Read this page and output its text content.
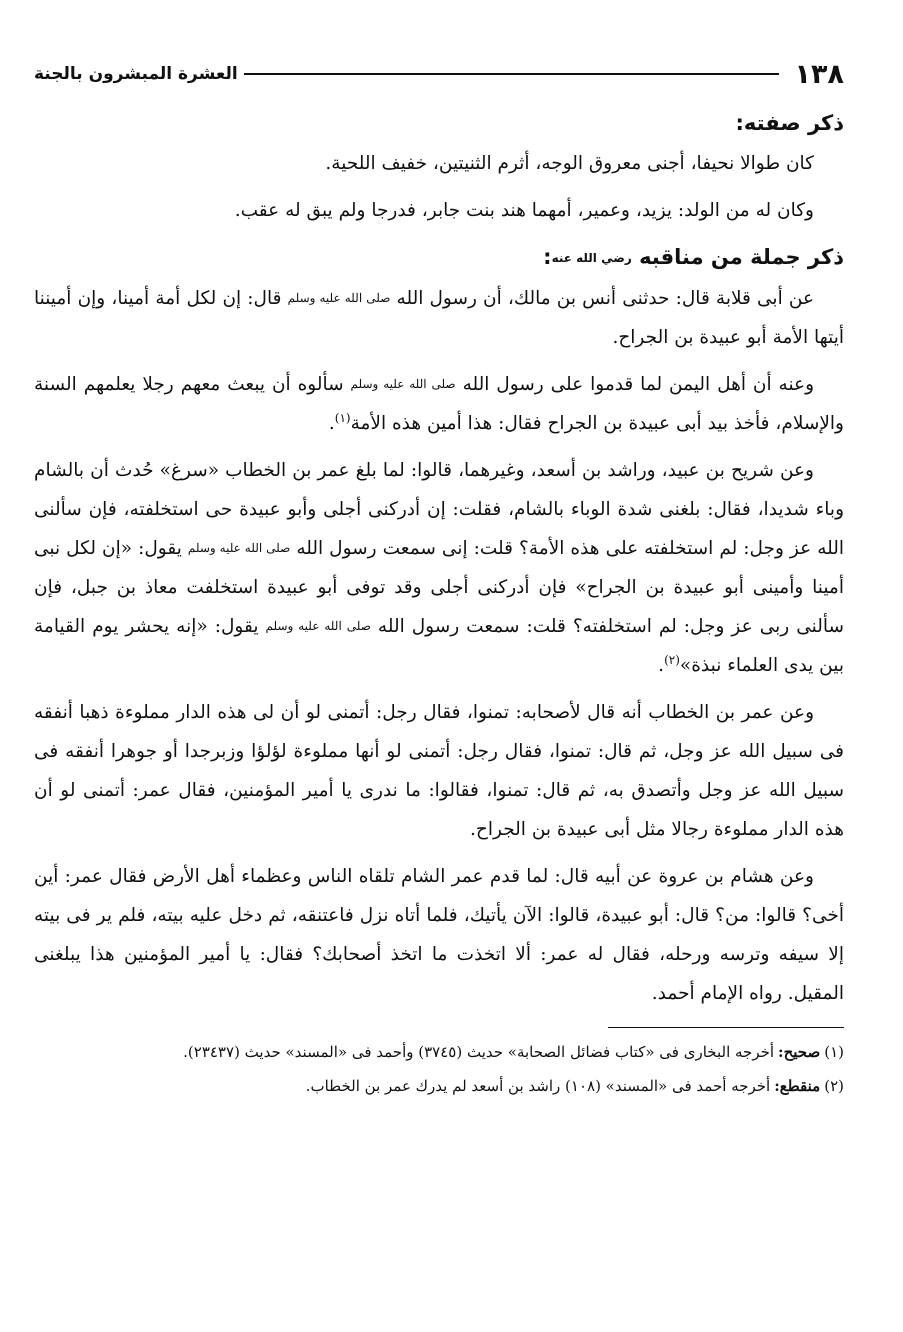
١٣٨
العشرة المبشرون بالجنة
ذكر صفته:

كان طوالا نحيفا، أجنى معروق الوجه، أثرم الثنيتين، خفيف اللحية.

وكان له من الولد: يزيد، وعمير، أمهما هند بنت جابر، فدرجا ولم يبق له عقب.

ذكر جملة من مناقبه رضي الله عنه:

عن أبى قلابة قال: حدثنى أنس بن مالك، أن رسول الله صلى الله عليه وسلم قال: إن لكل أمة أمينا، وإن أميننا أيتها الأمة أبو عبيدة بن الجراح.

وعنه أن أهل اليمن لما قدموا على رسول الله صلى الله عليه وسلم سألوه أن يبعث معهم رجلا يعلمهم السنة والإسلام، فأخذ بيد أبى عبيدة بن الجراح فقال: هذا أمين هذه الأمة$^{(١)}$.

وعن شريح بن عبيد، وراشد بن أسعد، وغيرهما، قالوا: لما بلغ عمر بن الخطاب «سرغ» حُدث أن بالشام وباء شديدا، فقال: بلغنى شدة الوباء بالشام، فقلت: إن أدركنى أجلى وأبو عبيدة حى استخلفته، فإن سألنى الله عز وجل: لم استخلفته على هذه الأمة؟ قلت: إنى سمعت رسول الله صلى الله عليه وسلم يقول: «إن لكل نبى أمينا وأمينى أبو عبيدة بن الجراح» فإن أدركنى أجلى وقد توفى أبو عبيدة استخلفت معاذ بن جبل، فإن سألنى ربى عز وجل: لم استخلفته؟ قلت: سمعت رسول الله صلى الله عليه وسلم يقول: «إنه يحشر يوم القيامة بين يدى العلماء نبذة»$^{(٢)}$.

وعن عمر بن الخطاب أنه قال لأصحابه: تمنوا، فقال رجل: أتمنى لو أن لى هذه الدار مملوءة ذهبا أنفقه فى سبيل الله عز وجل، ثم قال: تمنوا، فقال رجل: أتمنى لو أنها مملوءة لؤلؤا وزبرجدا أو جوهرا أنفقه فى سبيل الله عز وجل وأتصدق به، ثم قال: تمنوا، فقالوا: ما ندرى يا أمير المؤمنين، فقال عمر: أتمنى لو أن هذه الدار مملوءة رجالا مثل أبى عبيدة بن الجراح.

وعن هشام بن عروة عن أبيه قال: لما قدم عمر الشام تلقاه الناس وعظماء أهل الأرض فقال عمر: أين أخى؟ قالوا: من؟ قال: أبو عبيدة، قالوا: الآن يأتيك، فلما أتاه نزل فاعتنقه، ثم دخل عليه بيته، فلم ير فى بيته إلا سيفه وترسه ورحله، فقال له عمر: ألا اتخذت ما اتخذ أصحابك؟ فقال: يا أمير المؤمنين هذا يبلغنى المقيل. رواه الإمام أحمد.

(١)صحيح:أخرجه البخارى فى «كتاب فضائل الصحابة» حديث (٣٧٤٥) وأحمد فى «المسند» حديث (٢٣٤٣٧).
(٢)منقطع:أخرجه أحمد فى «المسند» (١٠٨) راشد بن أسعد لم يدرك عمر بن الخطاب.
